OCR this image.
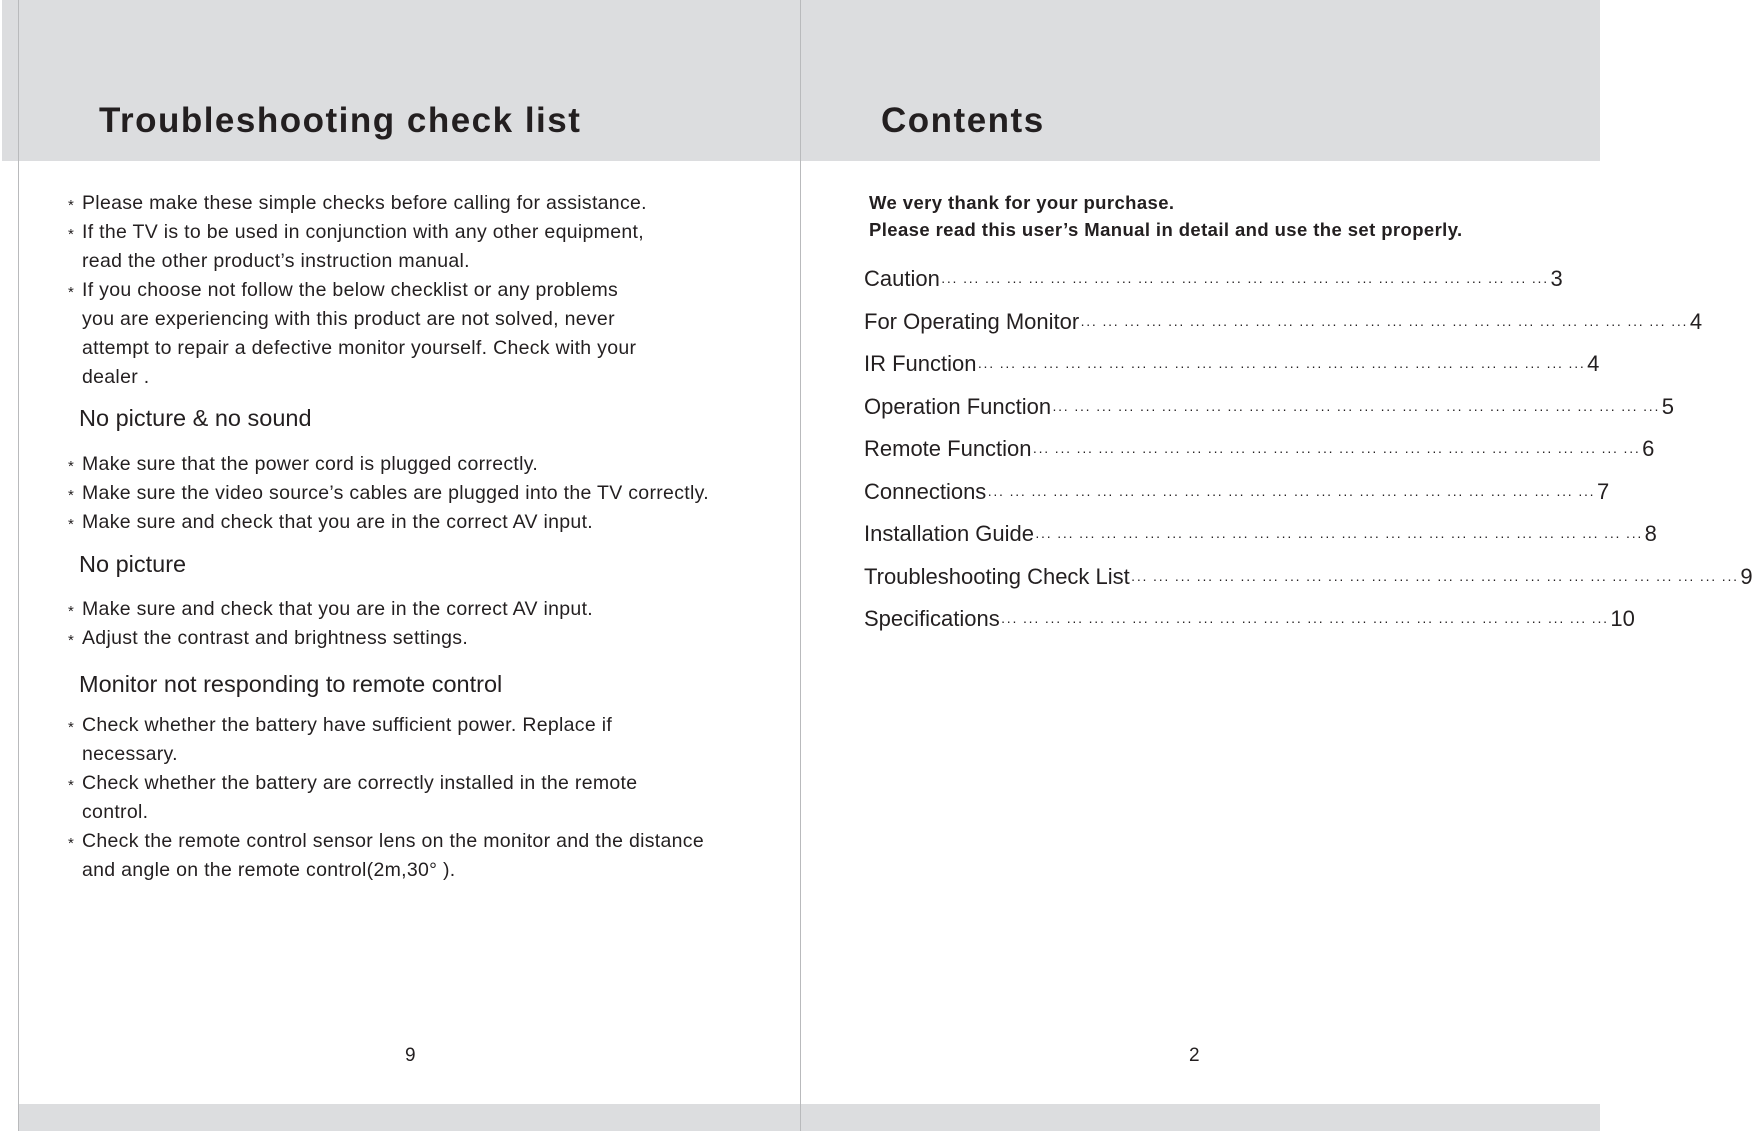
Troubleshooting check list
* Please make these simple checks before calling for assistance.
* If the TV is to be used in conjunction with any other equipment,
read the other product’s instruction manual.
* If you choose not follow the below checklist or any problems
you are experiencing with this product are not solved, never
attempt to repair a defective monitor yourself. Check with your
dealer .
No picture & no sound
* Make sure that the power cord is plugged correctly.
* Make sure the video source’s cables are plugged into the TV correctly.
* Make sure and check that you are in the correct AV input.
No picture
* Make sure and check that you are in the correct AV input.
* Adjust the contrast and brightness settings.
Monitor not responding to remote control
* Check whether the battery have sufficient power. Replace if
necessary.
* Check whether the battery are correctly installed in the remote
control.
* Check the remote control sensor lens on the monitor and the distance
and angle on the remote control(2m,30° ).
9
Contents
We very thank for your purchase.
Please read this user’s Manual in detail and use the set properly.
Caution ··· ··· ··· ··· ··· ··· ··· ··· ··· ··· ··· ··· ··· ··· ··· ··· ··· ··· ··· ··· ··· ··· ··· ··· ··· ··· ··· ··· 3
For Operating Monitor ··· ··· ··· ··· ··· ··· ··· ··· ··· ··· ··· ··· ··· ··· ··· ··· ··· ··· ··· ··· ··· ··· ··· ··· ··· ··· ··· ··· 4
IR Function ··· ··· ··· ··· ··· ··· ··· ··· ··· ··· ··· ··· ··· ··· ··· ··· ··· ··· ··· ··· ··· ··· ··· ··· ··· ··· ··· ··· 4
Operation Function ··· ··· ··· ··· ··· ··· ··· ··· ··· ··· ··· ··· ··· ··· ··· ··· ··· ··· ··· ··· ··· ··· ··· ··· ··· ··· ··· ··· 5
Remote Function ··· ··· ··· ··· ··· ··· ··· ··· ··· ··· ··· ··· ··· ··· ··· ··· ··· ··· ··· ··· ··· ··· ··· ··· ··· ··· ··· ··· 6
Connections ··· ··· ··· ··· ··· ··· ··· ··· ··· ··· ··· ··· ··· ··· ··· ··· ··· ··· ··· ··· ··· ··· ··· ··· ··· ··· ··· ··· 7
Installation Guide ··· ··· ··· ··· ··· ··· ··· ··· ··· ··· ··· ··· ··· ··· ··· ··· ··· ··· ··· ··· ··· ··· ··· ··· ··· ··· ··· ··· 8
Troubleshooting Check List ··· ··· ··· ··· ··· ··· ··· ··· ··· ··· ··· ··· ··· ··· ··· ··· ··· ··· ··· ··· ··· ··· ··· ··· ··· ··· ··· ··· 9
Specifications ··· ··· ··· ··· ··· ··· ··· ··· ··· ··· ··· ··· ··· ··· ··· ··· ··· ··· ··· ··· ··· ··· ··· ··· ··· ··· ··· ··· 10
2
